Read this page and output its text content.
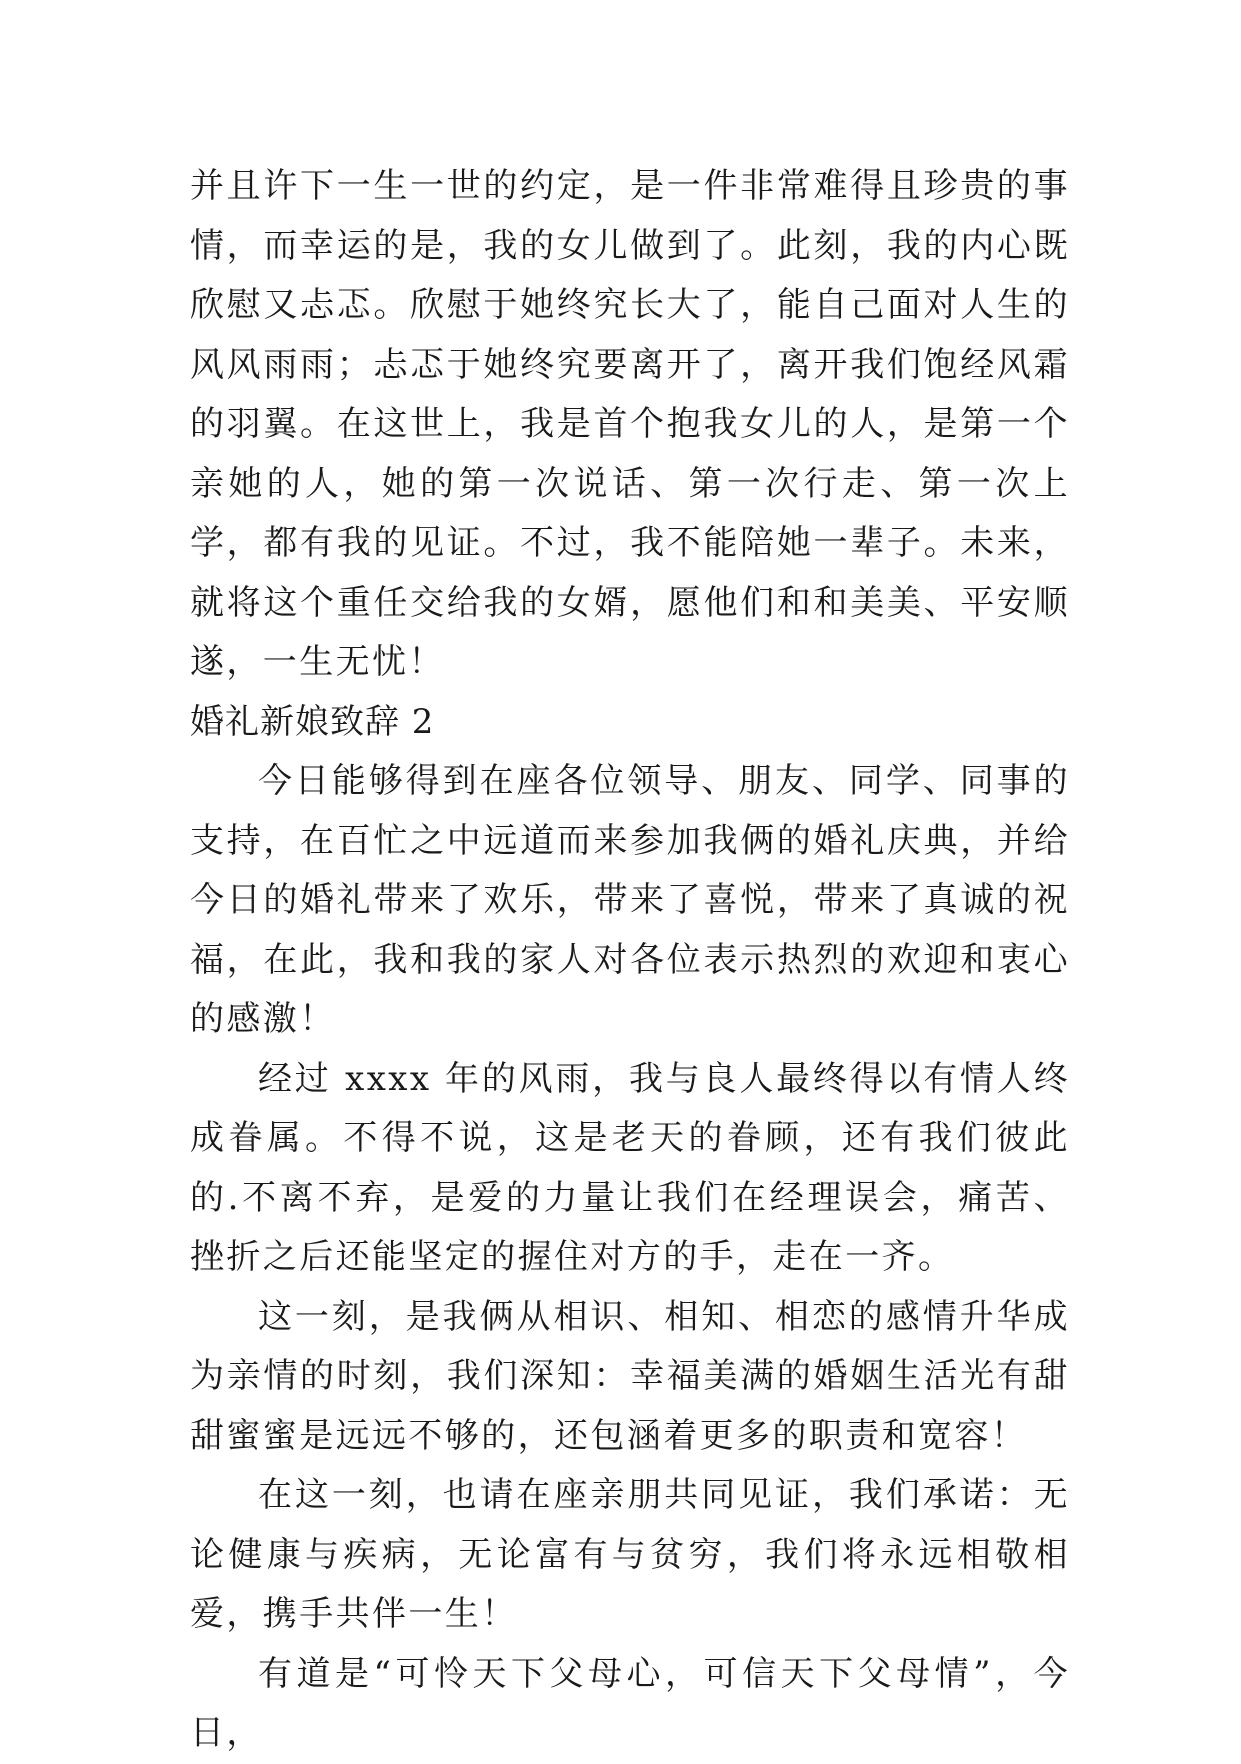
并且许下一生一世的约定，是一件非常难得且珍贵的事情，而幸运的是，我的女儿做到了。此刻，我的内心既欣慰又忐忑。欣慰于她终究长大了，能自己面对人生的风风雨雨；忐忑于她终究要离开了，离开我们饱经风霜的羽翼。在这世上，我是首个抱我女儿的人，是第一个亲她的人，她的第一次说话、第一次行走、第一次上学，都有我的见证。不过，我不能陪她一辈子。未来，就将这个重任交给我的女婿，愿他们和和美美、平安顺遂，一生无忧！

婚礼新娘致辞 2

今日能够得到在座各位领导、朋友、同学、同事的支持，在百忙之中远道而来参加我俩的婚礼庆典，并给今日的婚礼带来了欢乐，带来了喜悦，带来了真诚的祝福，在此，我和我的家人对各位表示热烈的欢迎和衷心的感激！

经过 xxxx 年的风雨，我与良人最终得以有情人终成眷属。不得不说，这是老天的眷顾，还有我们彼此的.不离不弃，是爱的力量让我们在经理误会，痛苦、挫折之后还能坚定的握住对方的手，走在一齐。

这一刻，是我俩从相识、相知、相恋的感情升华成为亲情的时刻，我们深知：幸福美满的婚姻生活光有甜甜蜜蜜是远远不够的，还包涵着更多的职责和宽容！

在这一刻，也请在座亲朋共同见证，我们承诺：无论健康与疾病，无论富有与贫穷，我们将永远相敬相爱，携手共伴一生！

有道是“可怜天下父母心，可信天下父母情”，今日，
